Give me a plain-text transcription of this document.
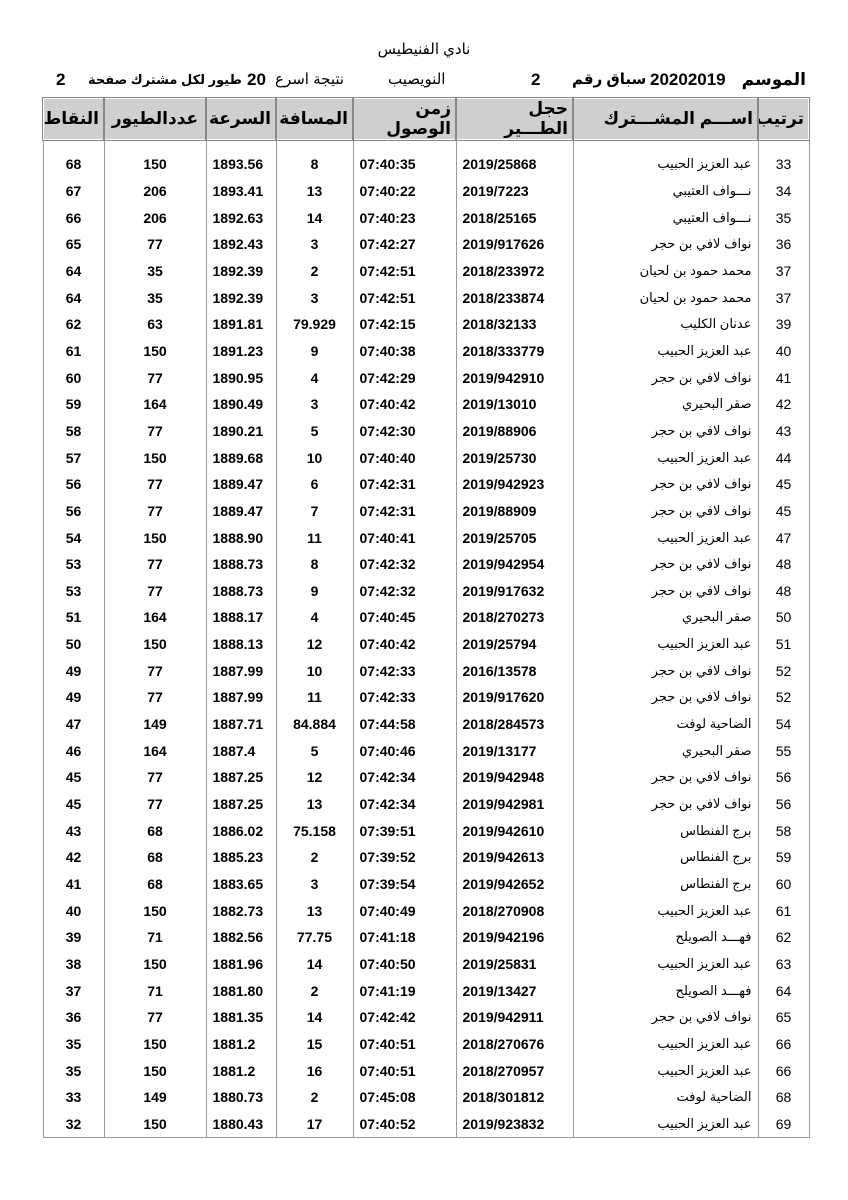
نادي الفنيطيس
الموسم
20202019
سباق رقم
2
النويصيب
نتيجة اسرع
20
طيور لكل مشترك صفحة
2
ترتيب	اســـم المشـــترك	حجل الطـــير	زمن الوصول	المسافة	السرعة	عددالطيور	النقاط
33	عبد العزيز الحبيب	2019/25868	07:40:35	8	1893.56	150	68
34	نـــواف العتيبي	2019/7223	07:40:22	13	1893.41	206	67
35	نـــواف العتيبي	2018/25165	07:40:23	14	1892.63	206	66
36	نواف لافي بن حجر	2019/917626	07:42:27	3	1892.43	77	65
37	محمد حمود بن لحيان	2018/233972	07:42:51	2	1892.39	35	64
37	محمد حمود بن لحيان	2018/233874	07:42:51	3	1892.39	35	64
39	عدنان الكليب	2018/32133	07:42:15	79.929	1891.81	63	62
40	عبد العزيز الحبيب	2018/333779	07:40:38	9	1891.23	150	61
41	نواف لافي بن حجر	2019/942910	07:42:29	4	1890.95	77	60
42	صقر البحيري	2019/13010	07:40:42	3	1890.49	164	59
43	نواف لافي بن حجر	2019/88906	07:42:30	5	1890.21	77	58
44	عبد العزيز الحبيب	2019/25730	07:40:40	10	1889.68	150	57
45	نواف لافي بن حجر	2019/942923	07:42:31	6	1889.47	77	56
45	نواف لافي بن حجر	2019/88909	07:42:31	7	1889.47	77	56
47	عبد العزيز الحبيب	2019/25705	07:40:41	11	1888.90	150	54
48	نواف لافي بن حجر	2019/942954	07:42:32	8	1888.73	77	53
48	نواف لافي بن حجر	2019/917632	07:42:32	9	1888.73	77	53
50	صقر البحيري	2018/270273	07:40:45	4	1888.17	164	51
51	عبد العزيز الحبيب	2019/25794	07:40:42	12	1888.13	150	50
52	نواف لافي بن حجر	2016/13578	07:42:33	10	1887.99	77	49
52	نواف لافي بن حجر	2019/917620	07:42:33	11	1887.99	77	49
54	الضاحية لوفت	2018/284573	07:44:58	84.884	1887.71	149	47
55	صقر البحيري	2019/13177	07:40:46	5	1887.4	164	46
56	نواف لافي بن حجر	2019/942948	07:42:34	12	1887.25	77	45
56	نواف لافي بن حجر	2019/942981	07:42:34	13	1887.25	77	45
58	برج الفنطاس	2019/942610	07:39:51	75.158	1886.02	68	43
59	برج الفنطاس	2019/942613	07:39:52	2	1885.23	68	42
60	برج الفنطاس	2019/942652	07:39:54	3	1883.65	68	41
61	عبد العزيز الحبيب	2018/270908	07:40:49	13	1882.73	150	40
62	فهـــد الصويلح	2019/942196	07:41:18	77.75	1882.56	71	39
63	عبد العزيز الحبيب	2019/25831	07:40:50	14	1881.96	150	38
64	فهـــد الصويلح	2019/13427	07:41:19	2	1881.80	71	37
65	نواف لافي بن حجر	2019/942911	07:42:42	14	1881.35	77	36
66	عبد العزيز الحبيب	2018/270676	07:40:51	15	1881.2	150	35
66	عبد العزيز الحبيب	2018/270957	07:40:51	16	1881.2	150	35
68	الضاحية لوفت	2018/301812	07:45:08	2	1880.73	149	33
69	عبد العزيز الحبيب	2019/923832	07:40:52	17	1880.43	150	32
